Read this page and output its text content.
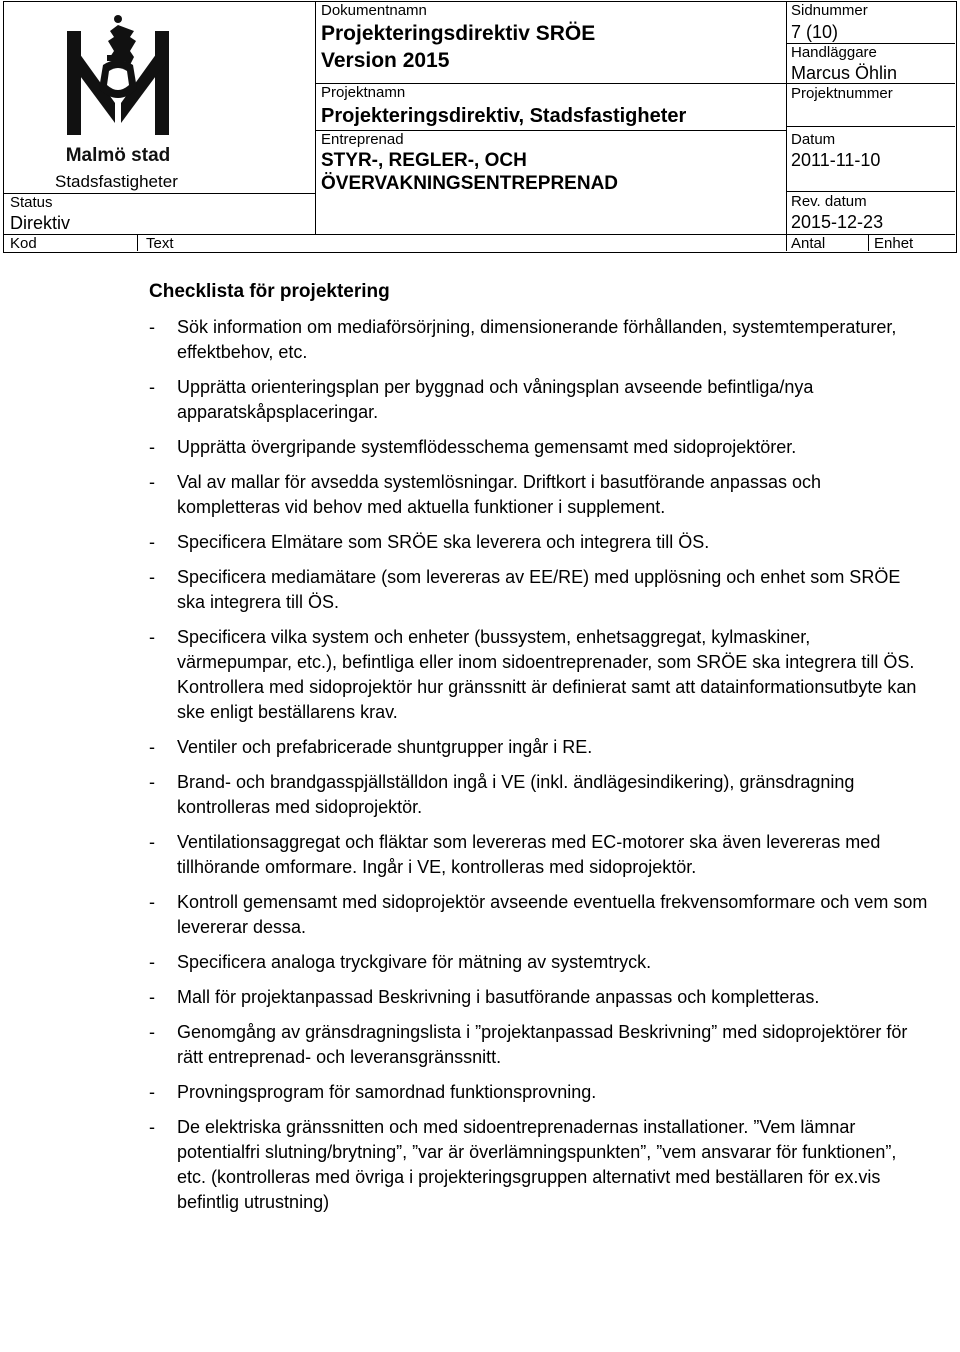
Malmö stad
Stadsfastigheter
Status
Direktiv
Dokumentnamn
Projekteringsdirektiv SRÖE
Version 2015
Projektnamn
Projekteringsdirektiv, Stadsfastigheter
Entreprenad
STYR-, REGLER-, OCH
ÖVERVAKNINGSENTREPRENAD
Sidnummer
7 (10)
Handläggare
Marcus Öhlin
Projektnummer
Datum
2011-11-10
Rev. datum
2015-12-23
Kod	Text	Antal	Enhet
Checklista för projektering
- Sök information om mediaförsörjning, dimensionerande förhållanden, systemtemperaturer, effektbehov, etc.
- Upprätta orienteringsplan per byggnad och våningsplan avseende befintliga/nya apparatskåpsplaceringar.
- Upprätta övergripande systemflödesschema gemensamt med sidoprojektörer.
- Val av mallar för avsedda systemlösningar. Driftkort i basutförande anpassas och kompletteras vid behov med aktuella funktioner i supplement.
- Specificera Elmätare som SRÖE ska leverera och integrera till ÖS.
- Specificera mediamätare (som levereras av EE/RE) med upplösning och enhet som SRÖE ska integrera till ÖS.
- Specificera vilka system och enheter (bussystem, enhetsaggregat, kylmaskiner, värmepumpar, etc.), befintliga eller inom sidoentreprenader, som SRÖE ska integrera till ÖS. Kontrollera med sidoprojektör hur gränssnitt är definierat samt att datainformationsutbyte kan ske enligt beställarens krav.
- Ventiler och prefabricerade shuntgrupper ingår i RE.
- Brand- och brandgasspjällställdon ingå i VE (inkl. ändlägesindikering), gränsdragning kontrolleras med sidoprojektör.
- Ventilationsaggregat och fläktar som levereras med EC-motorer ska även levereras med tillhörande omformare. Ingår i VE, kontrolleras med sidoprojektör.
- Kontroll gemensamt med sidoprojektör avseende eventuella frekvensomformare och vem som levererar dessa.
- Specificera analoga tryckgivare för mätning av systemtryck.
- Mall för projektanpassad Beskrivning i basutförande anpassas och kompletteras.
- Genomgång av gränsdragningslista i ”projektanpassad Beskrivning” med sidoprojektörer för rätt entreprenad- och leveransgränssnitt.
- Provningsprogram för samordnad funktionsprovning.
- De elektriska gränssnitten och med sidoentreprenadernas installationer. ”Vem lämnar potentialfri slutning/brytning”, ”var är överlämningspunkten”, ”vem ansvarar för funktionen”, etc. (kontrolleras med övriga i projekteringsgruppen alternativt med beställaren för ex.vis befintlig utrustning)
